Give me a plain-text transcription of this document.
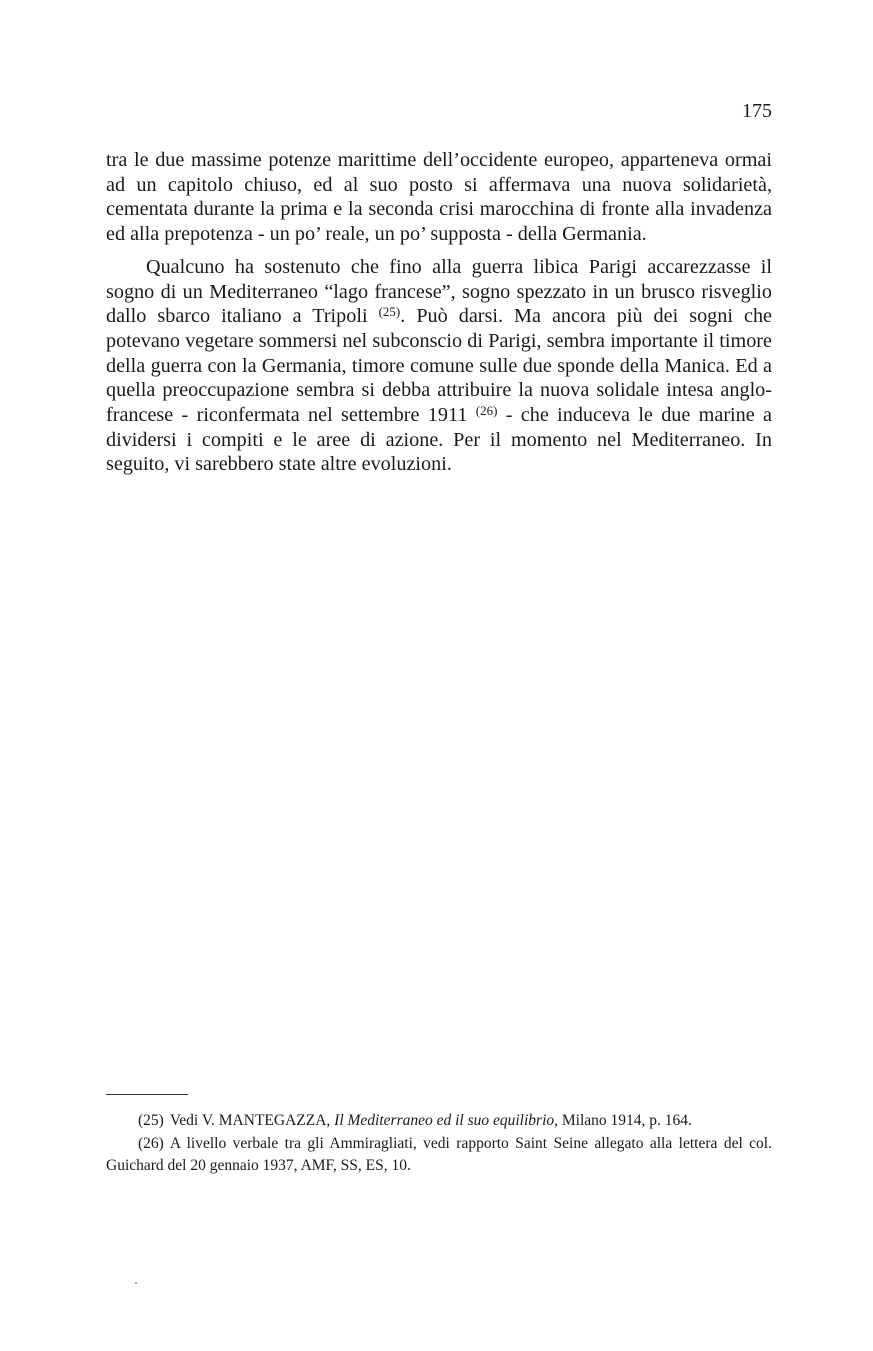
175

tra le due massime potenze marittime dell’occidente europeo, apparteneva ormai ad un capitolo chiuso, ed al suo posto si affermava una nuova solidarietà, cementata durante la prima e la seconda crisi marocchina di fronte alla invadenza ed alla prepotenza - un po’ reale, un po’ supposta - della Germania.

Qualcuno ha sostenuto che fino alla guerra libica Parigi accarezzasse il sogno di un Mediterraneo “lago francese”, sogno spezzato in un brusco risveglio dallo sbarco italiano a Tripoli $^{(25)}$. Può darsi. Ma ancora più dei sogni che potevano vegetare sommersi nel subconscio di Parigi, sembra importante il timore della guerra con la Germania, timore comune sulle due sponde della Manica. Ed a quella preoccupazione sembra si debba attribuire la nuova solidale intesa anglo-francese - riconfermata nel settembre 1911 $^{(26)}$ - che induceva le due marine a dividersi i compiti e le aree di azione. Per il momento nel Mediterraneo. In seguito, vi sarebbero state altre evoluzioni.

(25) Vedi V. MANTEGAZZA, Il Mediterraneo ed il suo equilibrio, Milano 1914, p. 164.

(26) A livello verbale tra gli Ammiragliati, vedi rapporto Saint Seine allegato alla lettera del col. Guichard del 20 gennaio 1937, AMF, SS, ES, 10.
